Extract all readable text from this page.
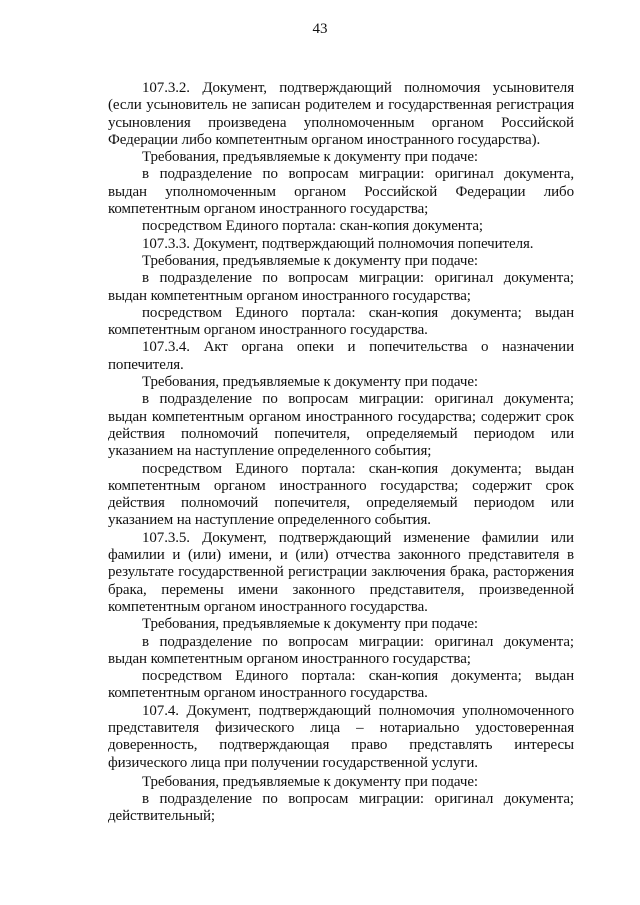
43

107.3.2. Документ, подтверждающий полномочия усыновителя (если усыновитель не записан родителем и государственная регистрация усыновления произведена уполномоченным органом Российской Федерации либо компетентным органом иностранного государства).

Требования, предъявляемые к документу при подаче:

в подразделение по вопросам миграции: оригинал документа, выдан уполномоченным органом Российской Федерации либо компетентным органом иностранного государства;

посредством Единого портала: скан-копия документа;

107.3.3. Документ, подтверждающий полномочия попечителя.

Требования, предъявляемые к документу при подаче:

в подразделение по вопросам миграции: оригинал документа; выдан компетентным органом иностранного государства;

посредством Единого портала: скан-копия документа; выдан компетентным органом иностранного государства.

107.3.4. Акт органа опеки и попечительства о назначении попечителя.

Требования, предъявляемые к документу при подаче:

в подразделение по вопросам миграции: оригинал документа; выдан компетентным органом иностранного государства; содержит срок действия полномочий попечителя, определяемый периодом или указанием на наступление определенного события;

посредством Единого портала: скан-копия документа; выдан компетентным органом иностранного государства; содержит срок действия полномочий попечителя, определяемый периодом или указанием на наступление определенного события.

107.3.5. Документ, подтверждающий изменение фамилии или фамилии и (или) имени, и (или) отчества законного представителя в результате государственной регистрации заключения брака, расторжения брака, перемены имени законного представителя, произведенной компетентным органом иностранного государства.

Требования, предъявляемые к документу при подаче:

в подразделение по вопросам миграции: оригинал документа; выдан компетентным органом иностранного государства;

посредством Единого портала: скан-копия документа; выдан компетентным органом иностранного государства.

107.4. Документ, подтверждающий полномочия уполномоченного представителя физического лица – нотариально удостоверенная доверенность, подтверждающая право представлять интересы физического лица при получении государственной услуги.

Требования, предъявляемые к документу при подаче:

в подразделение по вопросам миграции: оригинал документа; действительный;
